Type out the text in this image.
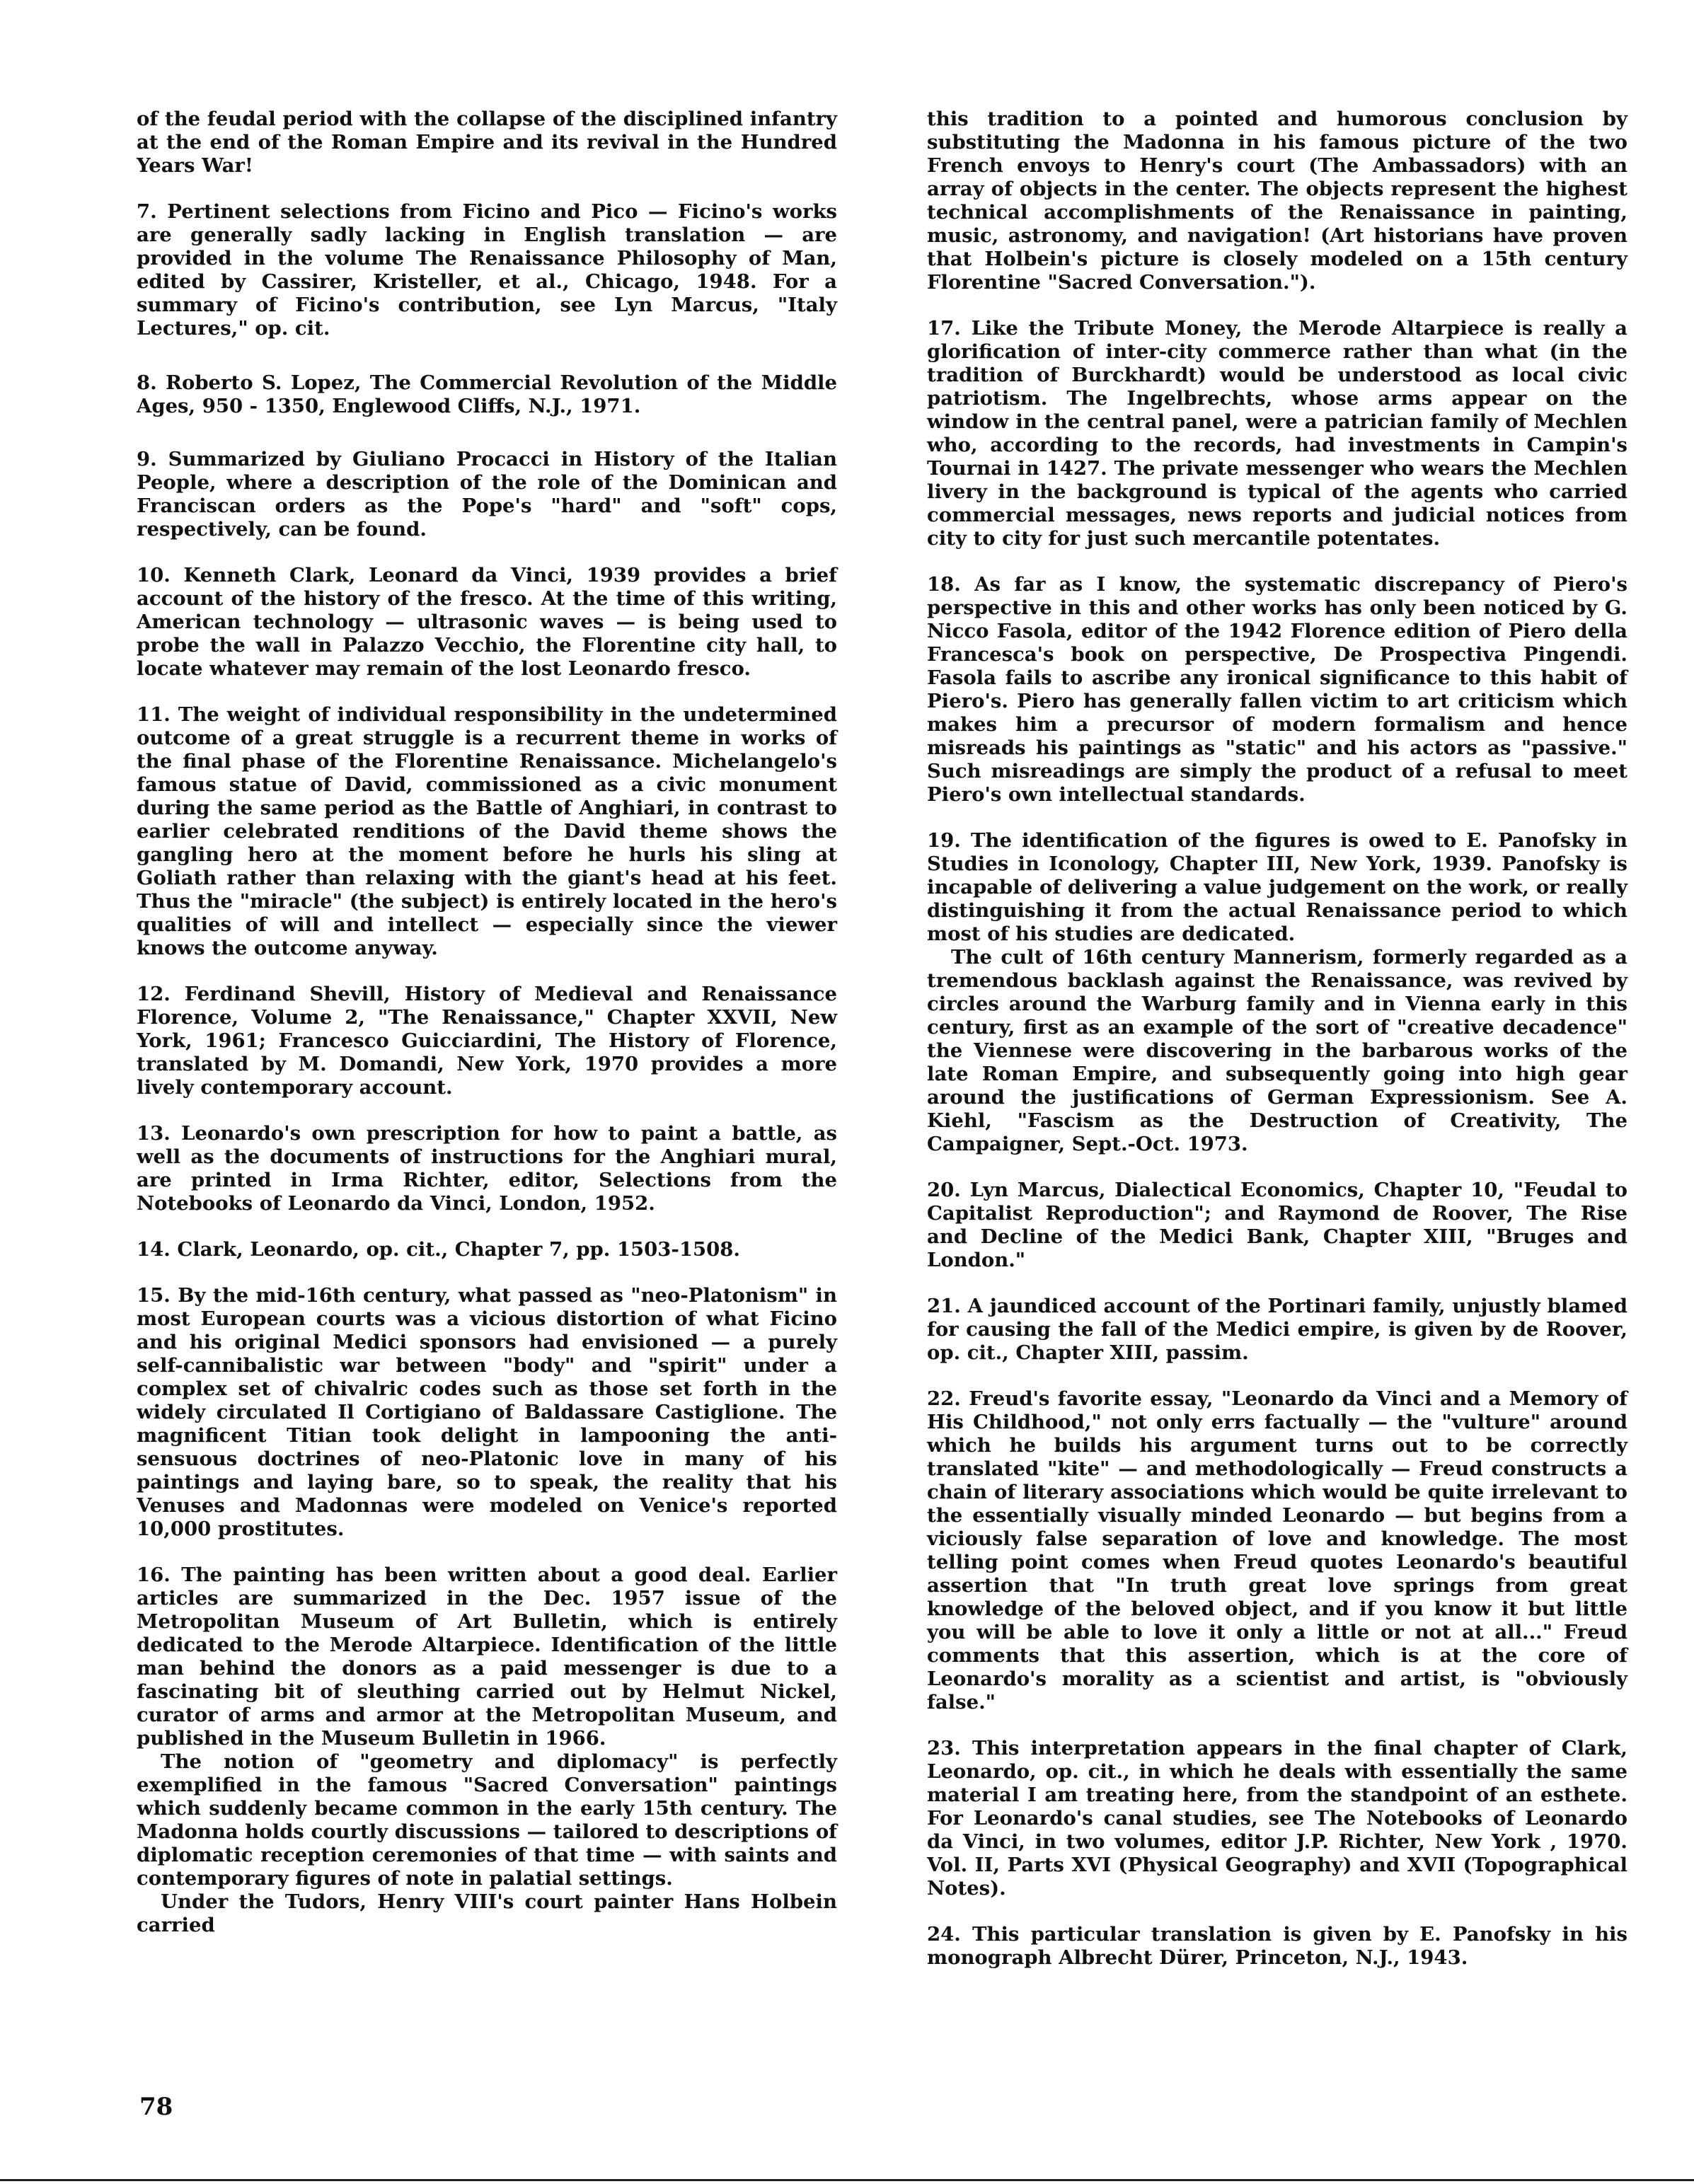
of the feudal period with the collapse of the disciplined infantry at the end of the Roman Empire and its revival in the Hundred Years War!

7. Pertinent selections from Ficino and Pico — Ficino's works are generally sadly lacking in English translation — are provided in the volume The Renaissance Philosophy of Man, edited by Cassirer, Kristeller, et al., Chicago, 1948. For a summary of Ficino's contribution, see Lyn Marcus, "Italy Lectures," op. cit.

8. Roberto S. Lopez, The Commercial Revolution of the Middle Ages, 950 - 1350, Englewood Cliffs, N.J., 1971.

9. Summarized by Giuliano Procacci in History of the Italian People, where a description of the role of the Dominican and Franciscan orders as the Pope's "hard" and "soft" cops, respectively, can be found.

10. Kenneth Clark, Leonard da Vinci, 1939 provides a brief account of the history of the fresco. At the time of this writing, American technology — ultrasonic waves — is being used to probe the wall in Palazzo Vecchio, the Florentine city hall, to locate whatever may remain of the lost Leonardo fresco.

11. The weight of individual responsibility in the undetermined outcome of a great struggle is a recurrent theme in works of the final phase of the Florentine Renaissance. Michelangelo's famous statue of David, commissioned as a civic monument during the same period as the Battle of Anghiari, in contrast to earlier celebrated renditions of the David theme shows the gangling hero at the moment before he hurls his sling at Goliath rather than relaxing with the giant's head at his feet. Thus the "miracle" (the subject) is entirely located in the hero's qualities of will and intellect — especially since the viewer knows the outcome anyway.

12. Ferdinand Shevill, History of Medieval and Renaissance Florence, Volume 2, "The Renaissance," Chapter XXVII, New York, 1961; Francesco Guicciardini, The History of Florence, translated by M. Domandi, New York, 1970 provides a more lively contemporary account.

13. Leonardo's own prescription for how to paint a battle, as well as the documents of instructions for the Anghiari mural, are printed in Irma Richter, editor, Selections from the Notebooks of Leonardo da Vinci, London, 1952.

14. Clark, Leonardo, op. cit., Chapter 7, pp. 1503-1508.

15. By the mid-16th century, what passed as "neo-Platonism" in most European courts was a vicious distortion of what Ficino and his original Medici sponsors had envisioned — a purely self-cannibalistic war between "body" and "spirit" under a complex set of chivalric codes such as those set forth in the widely circulated Il Cortigiano of Baldassare Castiglione. The magnificent Titian took delight in lampooning the anti-sensuous doctrines of neo-Platonic love in many of his paintings and laying bare, so to speak, the reality that his Venuses and Madonnas were modeled on Venice's reported 10,000 prostitutes.

16. The painting has been written about a good deal. Earlier articles are summarized in the Dec. 1957 issue of the Metropolitan Museum of Art Bulletin, which is entirely dedicated to the Merode Altarpiece. Identification of the little man behind the donors as a paid messenger is due to a fascinating bit of sleuthing carried out by Helmut Nickel, curator of arms and armor at the Metropolitan Museum, and published in the Museum Bulletin in 1966.

The notion of "geometry and diplomacy" is perfectly exemplified in the famous "Sacred Conversation" paintings which suddenly became common in the early 15th century. The Madonna holds courtly discussions — tailored to descriptions of diplomatic reception ceremonies of that time — with saints and contemporary figures of note in palatial settings.

Under the Tudors, Henry VIII's court painter Hans Holbein carried

this tradition to a pointed and humorous conclusion by substituting the Madonna in his famous picture of the two French envoys to Henry's court (The Ambassadors) with an array of objects in the center. The objects represent the highest technical accomplishments of the Renaissance in painting, music, astronomy, and navigation! (Art historians have proven that Holbein's picture is closely modeled on a 15th century Florentine "Sacred Conversation.").

17. Like the Tribute Money, the Merode Altarpiece is really a glorification of inter-city commerce rather than what (in the tradition of Burckhardt) would be understood as local civic patriotism. The Ingelbrechts, whose arms appear on the window in the central panel, were a patrician family of Mechlen who, according to the records, had investments in Campin's Tournai in 1427. The private messenger who wears the Mechlen livery in the background is typical of the agents who carried commercial messages, news reports and judicial notices from city to city for just such mercantile potentates.

18. As far as I know, the systematic discrepancy of Piero's perspective in this and other works has only been noticed by G. Nicco Fasola, editor of the 1942 Florence edition of Piero della Francesca's book on perspective, De Prospectiva Pingendi. Fasola fails to ascribe any ironical significance to this habit of Piero's. Piero has generally fallen victim to art criticism which makes him a precursor of modern formalism and hence misreads his paintings as "static" and his actors as "passive." Such misreadings are simply the product of a refusal to meet Piero's own intellectual standards.

19. The identification of the figures is owed to E. Panofsky in Studies in Iconology, Chapter III, New York, 1939. Panofsky is incapable of delivering a value judgement on the work, or really distinguishing it from the actual Renaissance period to which most of his studies are dedicated.

The cult of 16th century Mannerism, formerly regarded as a tremendous backlash against the Renaissance, was revived by circles around the Warburg family and in Vienna early in this century, first as an example of the sort of "creative decadence" the Viennese were discovering in the barbarous works of the late Roman Empire, and subsequently going into high gear around the justifications of German Expressionism. See A. Kiehl, "Fascism as the Destruction of Creativity, The Campaigner, Sept.-Oct. 1973.

20. Lyn Marcus, Dialectical Economics, Chapter 10, "Feudal to Capitalist Reproduction"; and Raymond de Roover, The Rise and Decline of the Medici Bank, Chapter XIII, "Bruges and London."

21. A jaundiced account of the Portinari family, unjustly blamed for causing the fall of the Medici empire, is given by de Roover, op. cit., Chapter XIII, passim.

22. Freud's favorite essay, "Leonardo da Vinci and a Memory of His Childhood," not only errs factually — the "vulture" around which he builds his argument turns out to be correctly translated "kite" — and methodologically — Freud constructs a chain of literary associations which would be quite irrelevant to the essentially visually minded Leonardo — but begins from a viciously false separation of love and knowledge. The most telling point comes when Freud quotes Leonardo's beautiful assertion that "In truth great love springs from great knowledge of the beloved object, and if you know it but little you will be able to love it only a little or not at all..." Freud comments that this assertion, which is at the core of Leonardo's morality as a scientist and artist, is "obviously false."

23. This interpretation appears in the final chapter of Clark, Leonardo, op. cit., in which he deals with essentially the same material I am treating here, from the standpoint of an esthete. For Leonardo's canal studies, see The Notebooks of Leonardo da Vinci, in two volumes, editor J.P. Richter, New York , 1970. Vol. II, Parts XVI (Physical Geography) and XVII (Topographical Notes).

24. This particular translation is given by E. Panofsky in his monograph Albrecht Dürer, Princeton, N.J., 1943.

78
